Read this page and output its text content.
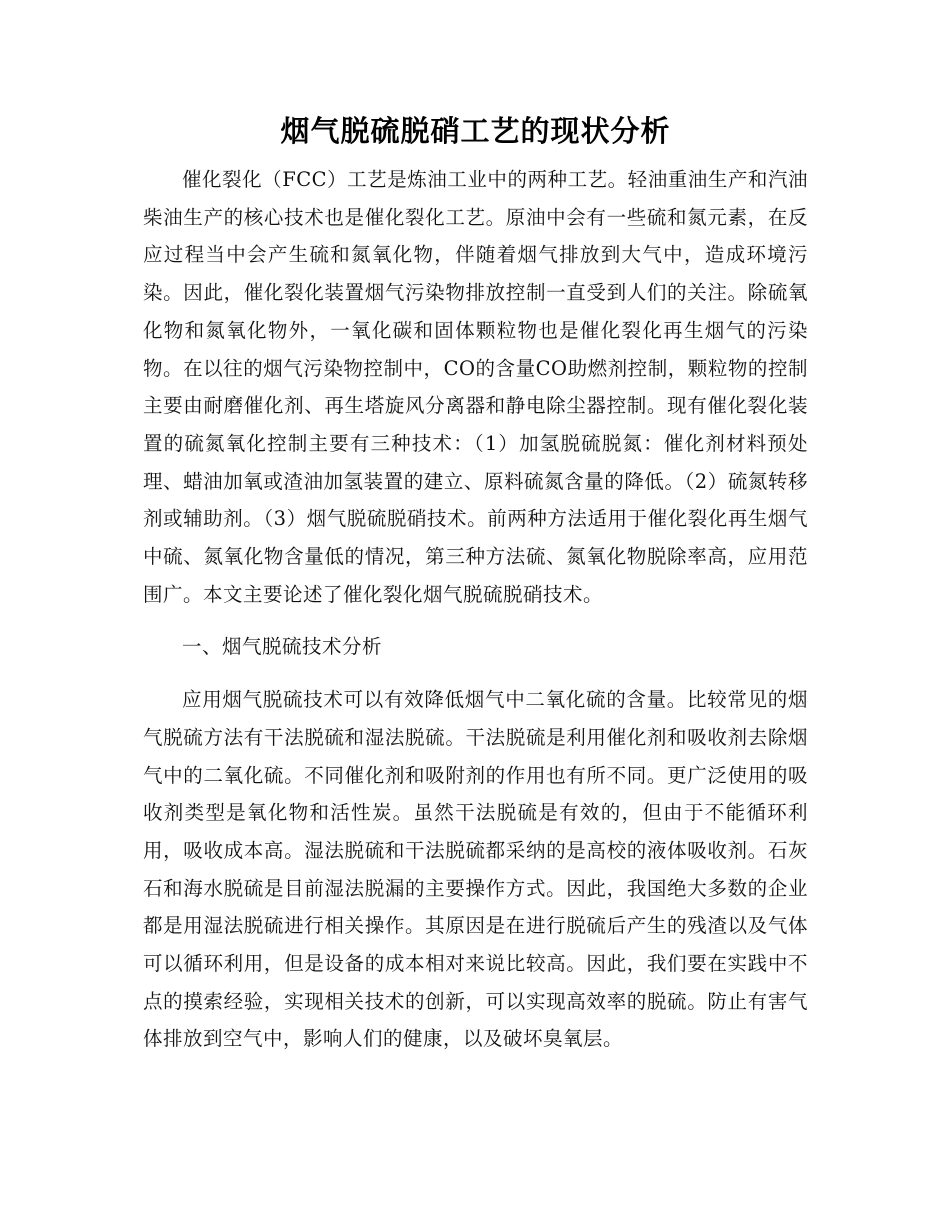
烟气脱硫脱硝工艺的现状分析

催化裂化（FCC）工艺是炼油工业中的两种工艺。轻油重油生产和汽油柴油生产的核心技术也是催化裂化工艺。原油中会有一些硫和氮元素，在反应过程当中会产生硫和氮氧化物，伴随着烟气排放到大气中，造成环境污染。因此，催化裂化装置烟气污染物排放控制一直受到人们的关注。除硫氧化物和氮氧化物外，一氧化碳和固体颗粒物也是催化裂化再生烟气的污染物。在以往的烟气污染物控制中，CO的含量CO助燃剂控制，颗粒物的控制主要由耐磨催化剂、再生塔旋风分离器和静电除尘器控制。现有催化裂化装置的硫氮氧化控制主要有三种技术：（1）加氢脱硫脱氮：催化剂材料预处理、蜡油加氧或渣油加氢装置的建立、原料硫氮含量的降低。（2）硫氮转移剂或辅助剂。（3）烟气脱硫脱硝技术。前两种方法适用于催化裂化再生烟气中硫、氮氧化物含量低的情况，第三种方法硫、氮氧化物脱除率高，应用范围广。本文主要论述了催化裂化烟气脱硫脱硝技术。

一、烟气脱硫技术分析

应用烟气脱硫技术可以有效降低烟气中二氧化硫的含量。比较常见的烟气脱硫方法有干法脱硫和湿法脱硫。干法脱硫是利用催化剂和吸收剂去除烟气中的二氧化硫。不同催化剂和吸附剂的作用也有所不同。更广泛使用的吸收剂类型是氧化物和活性炭。虽然干法脱硫是有效的，但由于不能循环利用，吸收成本高。湿法脱硫和干法脱硫都采纳的是高校的液体吸收剂。石灰石和海水脱硫是目前湿法脱漏的主要操作方式。因此，我国绝大多数的企业都是用湿法脱硫进行相关操作。其原因是在进行脱硫后产生的残渣以及气体可以循环利用，但是设备的成本相对来说比较高。因此，我们要在实践中不点的摸索经验，实现相关技术的创新，可以实现高效率的脱硫。防止有害气体排放到空气中，影响人们的健康，以及破坏臭氧层。
